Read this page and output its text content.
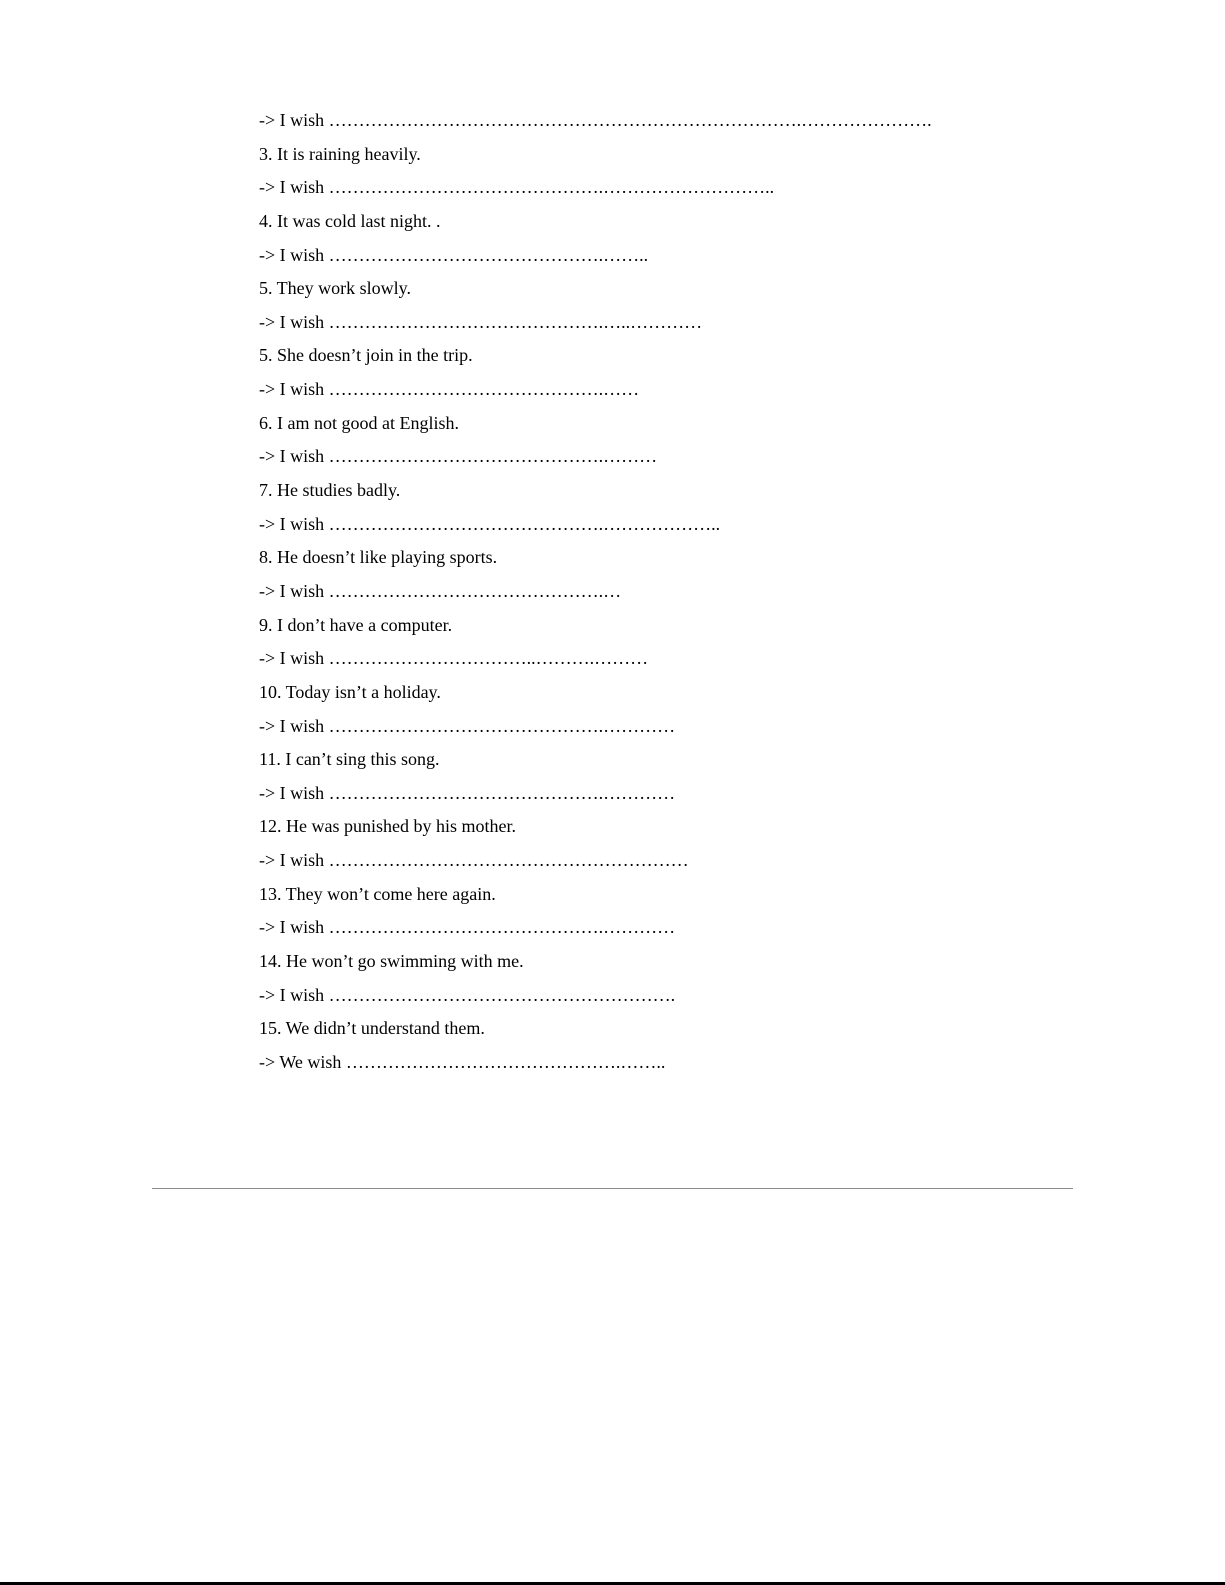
-> I wish …………………………………………………………………….………………….
3. It is raining heavily.
-> I wish ……………………………………….………………………..
4. It was cold last night. .
-> I wish ……………………………………….……..
5. They work slowly.
-> I wish ……………………………………….…..…………
5. She doesn’t join in the trip.
-> I wish ……………………………………….……
6. I am not good at English.
-> I wish ……………………………………….………
7. He studies badly.
-> I wish ……………………………………….………………..
8. He doesn’t like playing sports.
-> I wish ……………………………………….…
9. I don’t have a computer.
-> I wish ……………………………..……….………
10. Today isn’t a holiday.
-> I wish ……………………………………….…………
11. I can’t sing this song.
-> I wish ……………………………………….…………
12. He was punished by his mother.
-> I wish ……………………………………………………
13. They won’t come here again.
-> I wish ……………………………………….…………
14. He won’t go swimming with me.
-> I wish ………………………………………………….
15. We didn’t understand them.
-> We wish ……………………………………….……..
